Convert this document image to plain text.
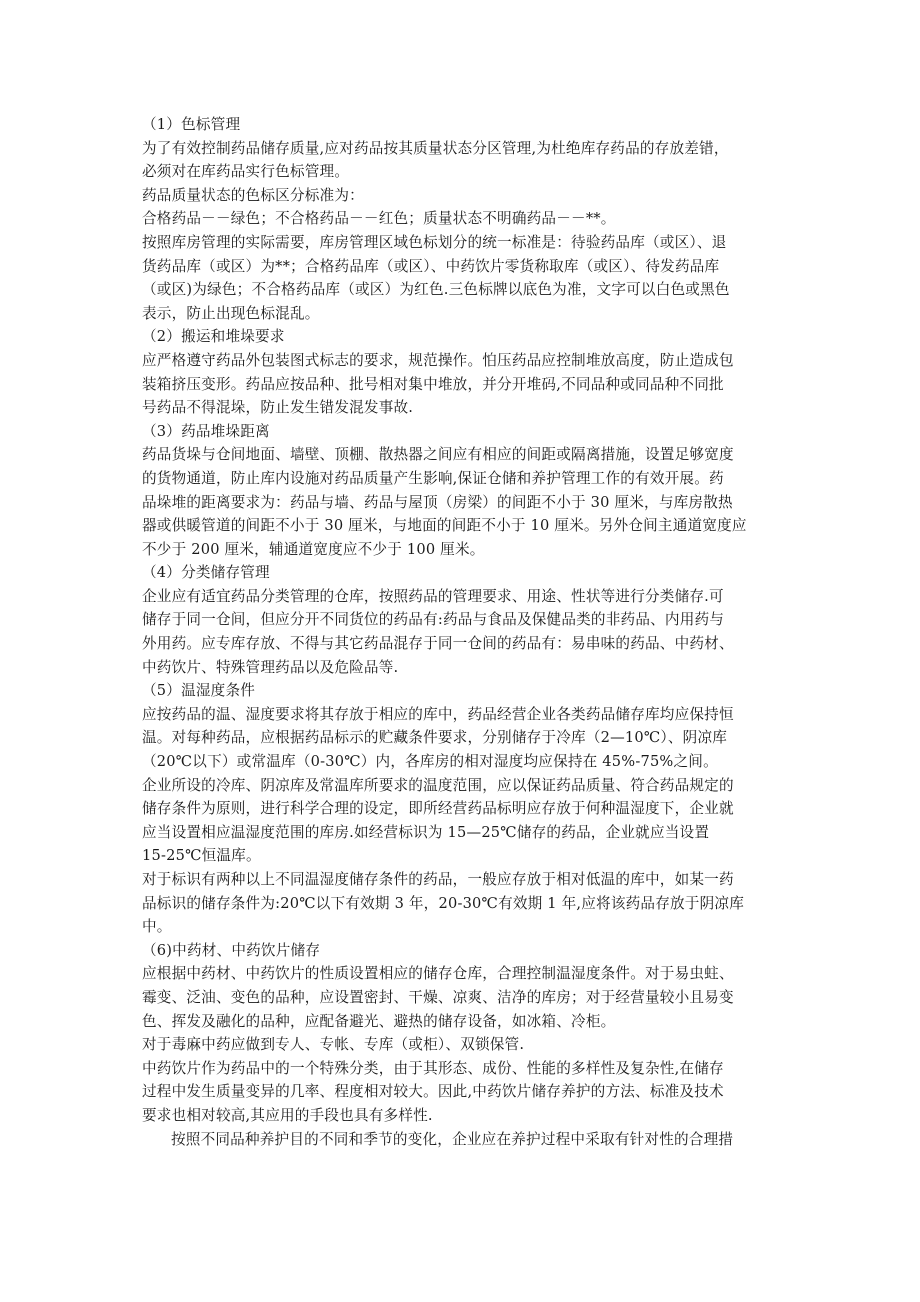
（1）色标管理
为了有效控制药品储存质量,应对药品按其质量状态分区管理,为杜绝库存药品的存放差错，
必须对在库药品实行色标管理。
药品质量状态的色标区分标准为：
合格药品－－绿色；不合格药品－－红色；质量状态不明确药品－－**。
按照库房管理的实际需要，库房管理区域色标划分的统一标准是：待验药品库（或区）、退
货药品库（或区）为**；合格药品库（或区）、中药饮片零货称取库（或区）、待发药品库
（或区)为绿色；不合格药品库（或区）为红色.三色标牌以底色为准，文字可以白色或黑色
表示，防止出现色标混乱。
（2）搬运和堆垛要求
应严格遵守药品外包装图式标志的要求，规范操作。怕压药品应控制堆放高度，防止造成包
装箱挤压变形。药品应按品种、批号相对集中堆放，并分开堆码,不同品种或同品种不同批
号药品不得混垛，防止发生错发混发事故.
（3）药品堆垛距离
药品货垛与仓间地面、墙壁、顶棚、散热器之间应有相应的间距或隔离措施，设置足够宽度
的货物通道，防止库内设施对药品质量产生影响,保证仓储和养护管理工作的有效开展。药
品垛堆的距离要求为：药品与墙、药品与屋顶（房梁）的间距不小于 30 厘米，与库房散热
器或供暖管道的间距不小于 30 厘米，与地面的间距不小于 10 厘米。另外仓间主通道宽度应
不少于 200 厘米，辅通道宽度应不少于 100 厘米。
（4）分类储存管理
企业应有适宜药品分类管理的仓库，按照药品的管理要求、用途、性状等进行分类储存.可
储存于同一仓间，但应分开不同货位的药品有:药品与食品及保健品类的非药品、内用药与
外用药。应专库存放、不得与其它药品混存于同一仓间的药品有：易串味的药品、中药材、
中药饮片、特殊管理药品以及危险品等.
（5）温湿度条件
应按药品的温、湿度要求将其存放于相应的库中，药品经营企业各类药品储存库均应保持恒
温。对每种药品，应根据药品标示的贮藏条件要求，分别储存于冷库（2—10℃）、阴凉库
（20℃以下）或常温库（0-30℃）内，各库房的相对湿度均应保持在 45%-75%之间。
企业所设的冷库、阴凉库及常温库所要求的温度范围，应以保证药品质量、符合药品规定的
储存条件为原则，进行科学合理的设定，即所经营药品标明应存放于何种温湿度下，企业就
应当设置相应温湿度范围的库房.如经营标识为 15—25℃储存的药品，企业就应当设置
15-25℃恒温库。
对于标识有两种以上不同温湿度储存条件的药品，一般应存放于相对低温的库中，如某一药
品标识的储存条件为:20℃以下有效期 3 年，20-30℃有效期 1 年,应将该药品存放于阴凉库
中。
（6)中药材、中药饮片储存
应根据中药材、中药饮片的性质设置相应的储存仓库，合理控制温湿度条件。对于易虫蛀、
霉变、泛油、变色的品种，应设置密封、干燥、凉爽、洁净的库房；对于经营量较小且易变
色、挥发及融化的品种，应配备避光、避热的储存设备，如冰箱、冷柜。
对于毒麻中药应做到专人、专帐、专库（或柜）、双锁保管.
中药饮片作为药品中的一个特殊分类，由于其形态、成份、性能的多样性及复杂性,在储存
过程中发生质量变异的几率、程度相对较大。因此,中药饮片储存养护的方法、标准及技术
要求也相对较高,其应用的手段也具有多样性.
按照不同品种养护目的不同和季节的变化，企业应在养护过程中采取有针对性的合理措
